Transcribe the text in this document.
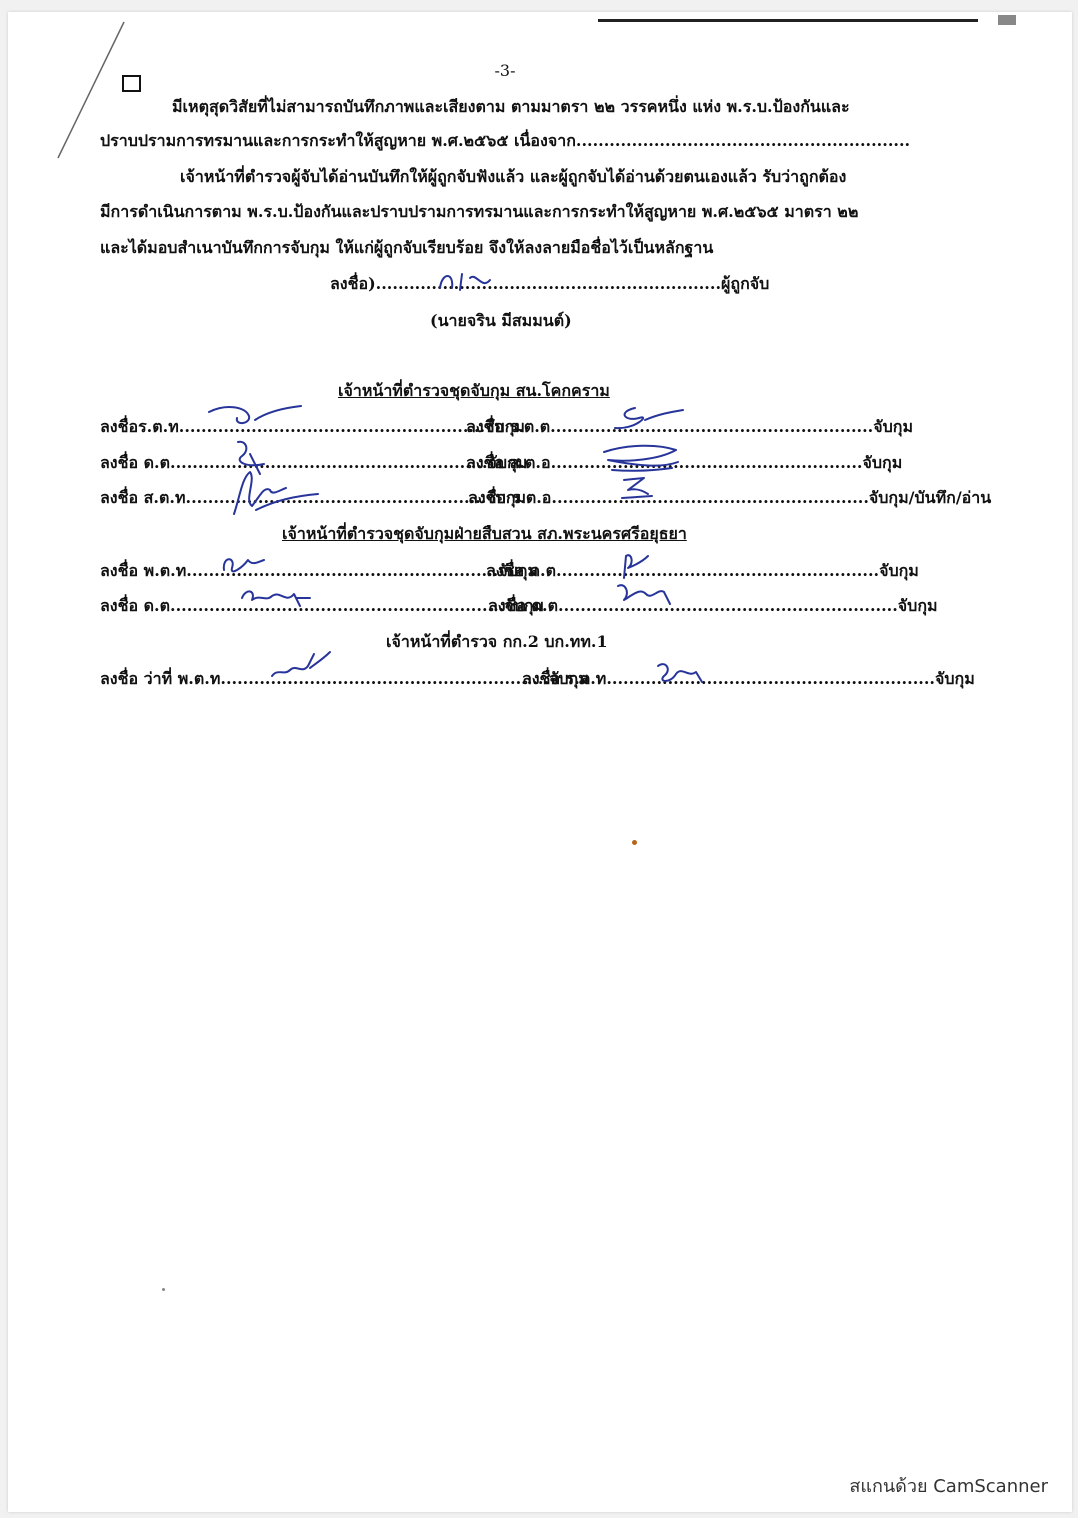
-3-
มีเหตุสุดวิสัยที่ไม่สามารถบันทึกภาพและเสียงตาม ตามมาตรา ๒๒ วรรคหนึ่ง แห่ง พ.ร.บ.ป้องกันและ
ปราบปรามการทรมานและการกระทำให้สูญหาย พ.ศ.๒๕๖๕ เนื่องจาก............................................................
เจ้าหน้าที่ตำรวจผู้จับได้อ่านบันทึกให้ผู้ถูกจับฟังแล้ว และผู้ถูกจับได้อ่านด้วยตนเองแล้ว รับว่าถูกต้อง
มีการดำเนินการตาม พ.ร.บ.ป้องกันและปราบปรามการทรมานและการกระทำให้สูญหาย พ.ศ.๒๕๖๕ มาตรา ๒๒
และได้มอบสำเนาบันทึกการจับกุม ให้แก่ผู้ถูกจับเรียบร้อย จึงให้ลงลายมือชื่อไว้เป็นหลักฐาน
ลงชื่อ)..............................................................ผู้ถูกจับ
(นายจริน มีสมมนต์)
เจ้าหน้าที่ตำรวจชุดจับกุม สน.โคกคราม
ลงชื่อร.ต.ท.......................................................จับกุม
ลงชื่อ ร.ต.ต..........................................................จับกุม
ลงชื่อ ด.ต.........................................................จับกุม
ลงชื่อ ส.ต.อ........................................................จับกุม
ลงชื่อ ส.ต.ท......................................................จับกุม
ลงชื่อ ร.ต.อ.........................................................จับกุม/บันทึก/อ่าน
เจ้าหน้าที่ตำรวจชุดจับกุมฝ่ายสืบสวน สภ.พระนครศรีอยุธยา
ลงชื่อ พ.ต.ท........................................................จับกุม
ลงชื่อ ด.ต..........................................................จับกุม
ลงชื่อ ด.ต............................................................จับกุม
ลงชื่อ ด.ต.............................................................จับกุม
เจ้าหน้าที่ตำรวจ กก.2 บก.ทท.1
ลงชื่อ ว่าที่ พ.ต.ท...........................................................จับกุม
ลงชื่อ ร.ต.ท...........................................................จับกุม
สแกนด้วย CamScanner
